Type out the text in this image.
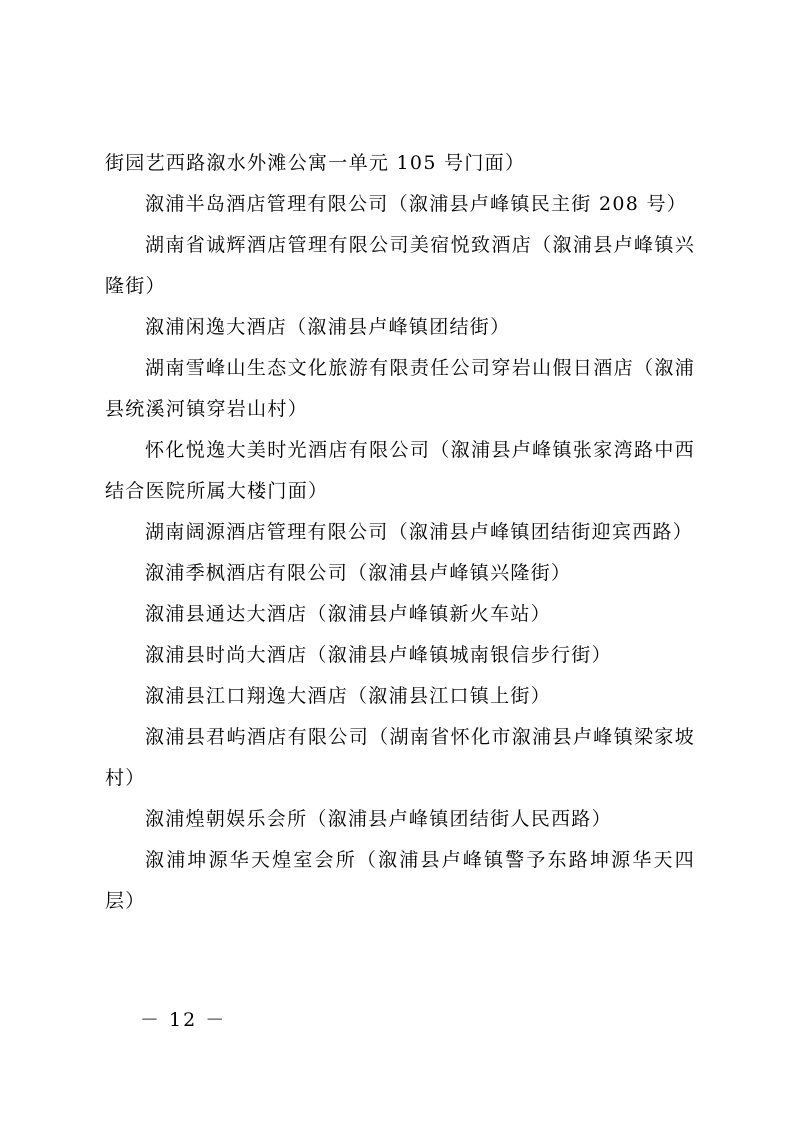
街园艺西路溆水外滩公寓一单元 105 号门面）

溆浦半岛酒店管理有限公司（溆浦县卢峰镇民主街 208 号）

湖南省诚辉酒店管理有限公司美宿悦致酒店（溆浦县卢峰镇兴隆街）

溆浦闲逸大酒店（溆浦县卢峰镇团结街）

湖南雪峰山生态文化旅游有限责任公司穿岩山假日酒店（溆浦县统溪河镇穿岩山村）

怀化悦逸大美时光酒店有限公司（溆浦县卢峰镇张家湾路中西结合医院所属大楼门面）

湖南阔源酒店管理有限公司（溆浦县卢峰镇团结街迎宾西路）

溆浦季枫酒店有限公司（溆浦县卢峰镇兴隆街）

溆浦县通达大酒店（溆浦县卢峰镇新火车站）

溆浦县时尚大酒店（溆浦县卢峰镇城南银信步行街）

溆浦县江口翔逸大酒店（溆浦县江口镇上街）

溆浦县君屿酒店有限公司（湖南省怀化市溆浦县卢峰镇梁家坡村）

溆浦煌朝娱乐会所（溆浦县卢峰镇团结街人民西路）

溆浦坤源华天煌室会所（溆浦县卢峰镇警予东路坤源华天四层）

－ 12 －
